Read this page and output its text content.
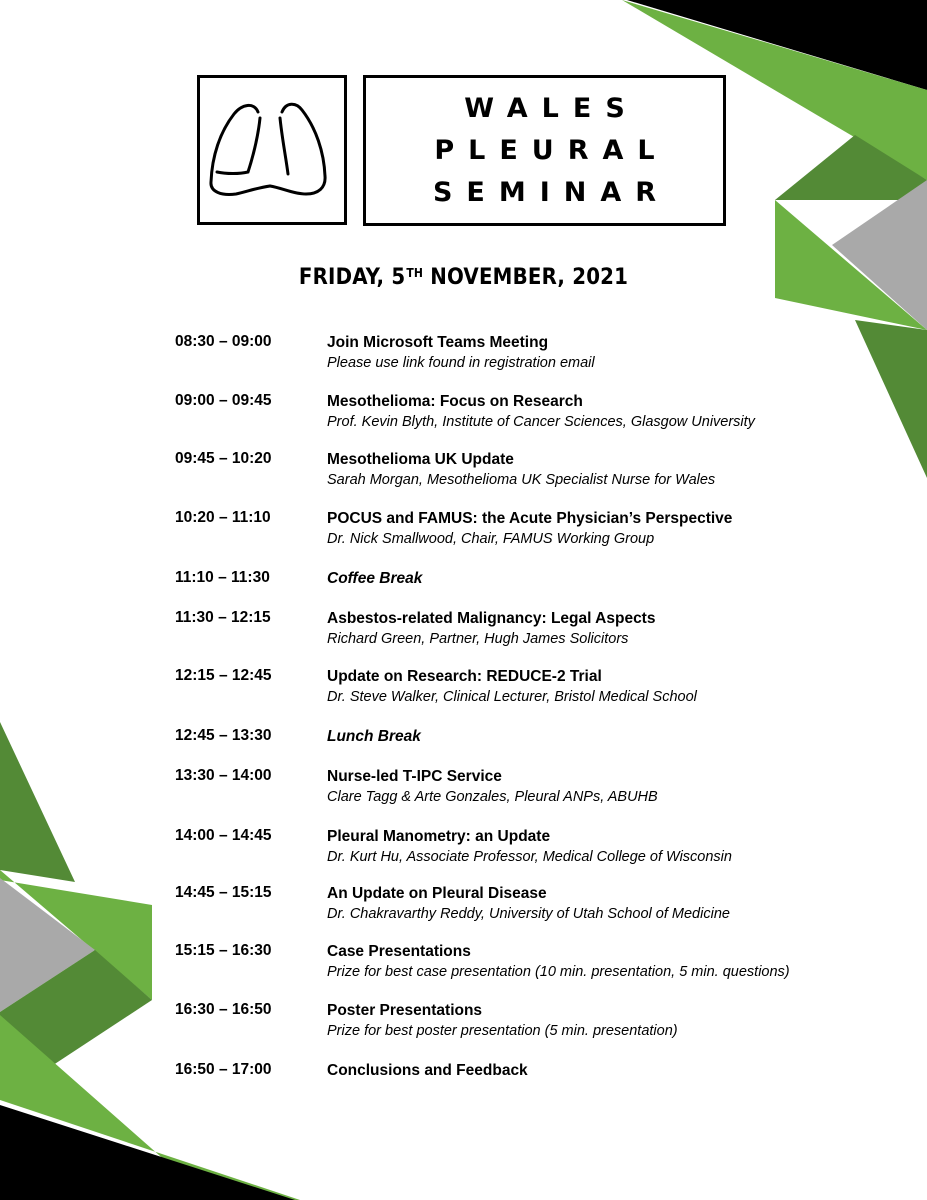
WALES
PLEURAL
SEMINAR
FRIDAY, 5TH NOVEMBER, 2021
08:30 – 09:00	Join Microsoft Teams Meeting
Please use link found in registration email
09:00 – 09:45	Mesothelioma: Focus on Research
Prof. Kevin Blyth, Institute of Cancer Sciences, Glasgow University
09:45 – 10:20	Mesothelioma UK Update
Sarah Morgan, Mesothelioma UK Specialist Nurse for Wales
10:20 – 11:10	POCUS and FAMUS: the Acute Physician’s Perspective
Dr. Nick Smallwood, Chair, FAMUS Working Group
11:10 – 11:30	Coffee Break
11:30 – 12:15	Asbestos-related Malignancy: Legal Aspects
Richard Green, Partner, Hugh James Solicitors
12:15 – 12:45	Update on Research: REDUCE-2 Trial
Dr. Steve Walker, Clinical Lecturer, Bristol Medical School
12:45 – 13:30	Lunch Break
13:30 – 14:00	Nurse-led T-IPC Service
Clare Tagg & Arte Gonzales, Pleural ANPs, ABUHB
14:00 – 14:45	Pleural Manometry: an Update
Dr. Kurt Hu, Associate Professor, Medical College of Wisconsin
14:45 – 15:15	An Update on Pleural Disease
Dr. Chakravarthy Reddy, University of Utah School of Medicine
15:15 – 16:30	Case Presentations
Prize for best case presentation (10 min. presentation, 5 min. questions)
16:30 – 16:50	Poster Presentations
Prize for best poster presentation (5 min. presentation)
16:50 – 17:00	Conclusions and Feedback
